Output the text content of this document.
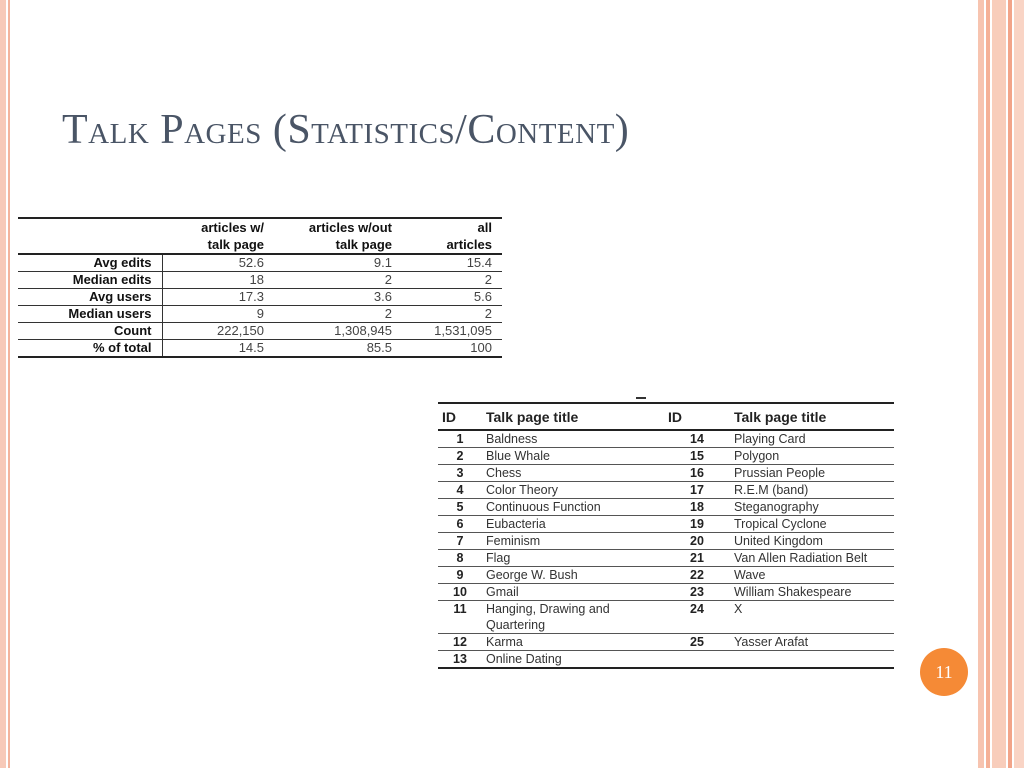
Talk Pages (Statistics/Content)
	articles w/
talk page	articles w/out
talk page	all
articles
Avg edits	52.6	9.1	15.4
Median edits	18	2	2
Avg users	17.3	3.6	5.6
Median users	9	2	2
Count	222,150	1,308,945	1,531,095
% of total	14.5	85.5	100
ID	Talk page title	ID	Talk page title
1	Baldness	14	Playing Card
2	Blue Whale	15	Polygon
3	Chess	16	Prussian People
4	Color Theory	17	R.E.M (band)
5	Continuous Function	18	Steganography
6	Eubacteria	19	Tropical Cyclone
7	Feminism	20	United Kingdom
8	Flag	21	Van Allen Radiation Belt
9	George W. Bush	22	Wave
10	Gmail	23	William Shakespeare
11	Hanging, Drawing and Quartering	24	X
12	Karma	25	Yasser Arafat
13	Online Dating		
11
